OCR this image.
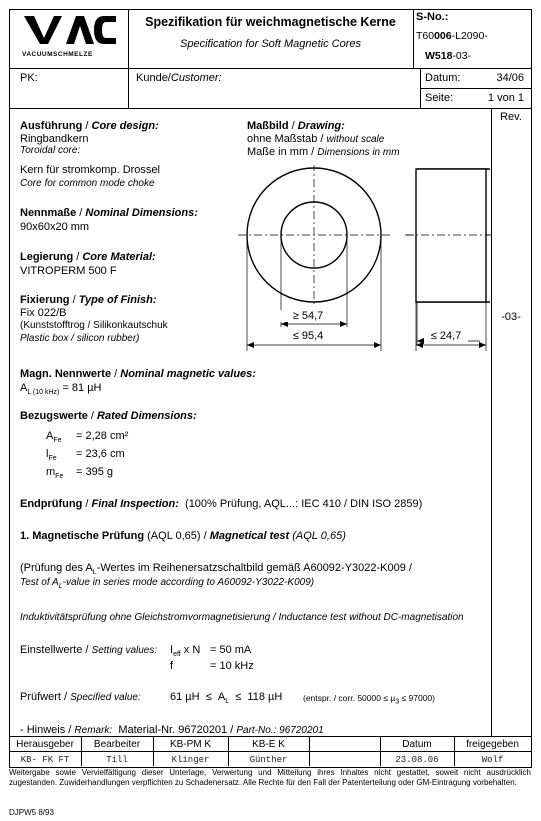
VACUUMSCHMELZE
Spezifikation für weichmagnetische Kerne
Specification for Soft Magnetic Cores
S-No.:
T60006-L2090-
W518-03-
PK:	Kunde/Customer:	Datum:	34/06
Seite:	1 von 1
Rev.
-03-
Ausführung / Core design:
Ringbandkern
Toroidal core:
Kern für stromkomp. Drossel
Core for common mode choke
Nennmaße / Nominal Dimensions:
90x60x20 mm
Legierung / Core Material:
VITROPERM 500 F
Fixierung / Type of Finish:
Fix 022/B
(Kunststofftrog / Silikonkautschuk
Plastic box / silicon rubber)
Maßbild / Drawing:
ohne Maßstab / without scale
Maße in mm / Dimensions in mm
≥ 54,7
≤ 95,4	≤ 24,7
Magn. Nennwerte / Nominal magnetic values:
$A_{L (10 kHz)} = 81$ µH
Bezugswerte / Rated Dimensions:
$A_{Fe} = 2,28$ cm²
$l_{Fe} = 23,6$ cm
$m_{Fe} = 395$ g
Endprüfung / Final Inspection: (100% Prüfung, AQL...: IEC 410 / DIN ISO 2859)
1. Magnetische Prüfung (AQL 0,65) / Magnetical test (AQL 0,65)
(Prüfung des $A_L$-Wertes im Reihenersatzschaltbild gemäß A60092-Y3022-K009 /
Test of $A_L$-value in series mode according to A60092-Y3022-K009)
Induktivitätsprüfung ohne Gleichstromvormagnetisierung / Inductance test without DC-magnetisation
Einstellwerte / Setting values: $I_{eff}$ x N = 50 mA
f	= 10 kHz
Prüfwert / Specified value:	61 $\mu H \le A_L \le 118$ µH (entspr. / corr. 50000 ≤ µ$_3$ ≤ 97000)
- Hinweis / Remark: Material-Nr. 96720201 / Part-No.: 96720201
Herausgeber	Bearbeiter	KB-PM K	KB-E K	Datum	freigegeben
KB- FK FT	Till	Klinger	Günther	23.08.06	Wolf
Weitergabe sowie Vervielfältigung dieser Unterlage, Verwertung und Mitteilung ihres Inhaltes nicht gestattet, soweit nicht ausdrücklich zugestanden. Zuwiderhandlungen verpflichten zu Schadenersatz. Alle Rechte für den Fall der Patenterteilung oder GM-Eintragung vorbehalten.
DJPW5 8/93
